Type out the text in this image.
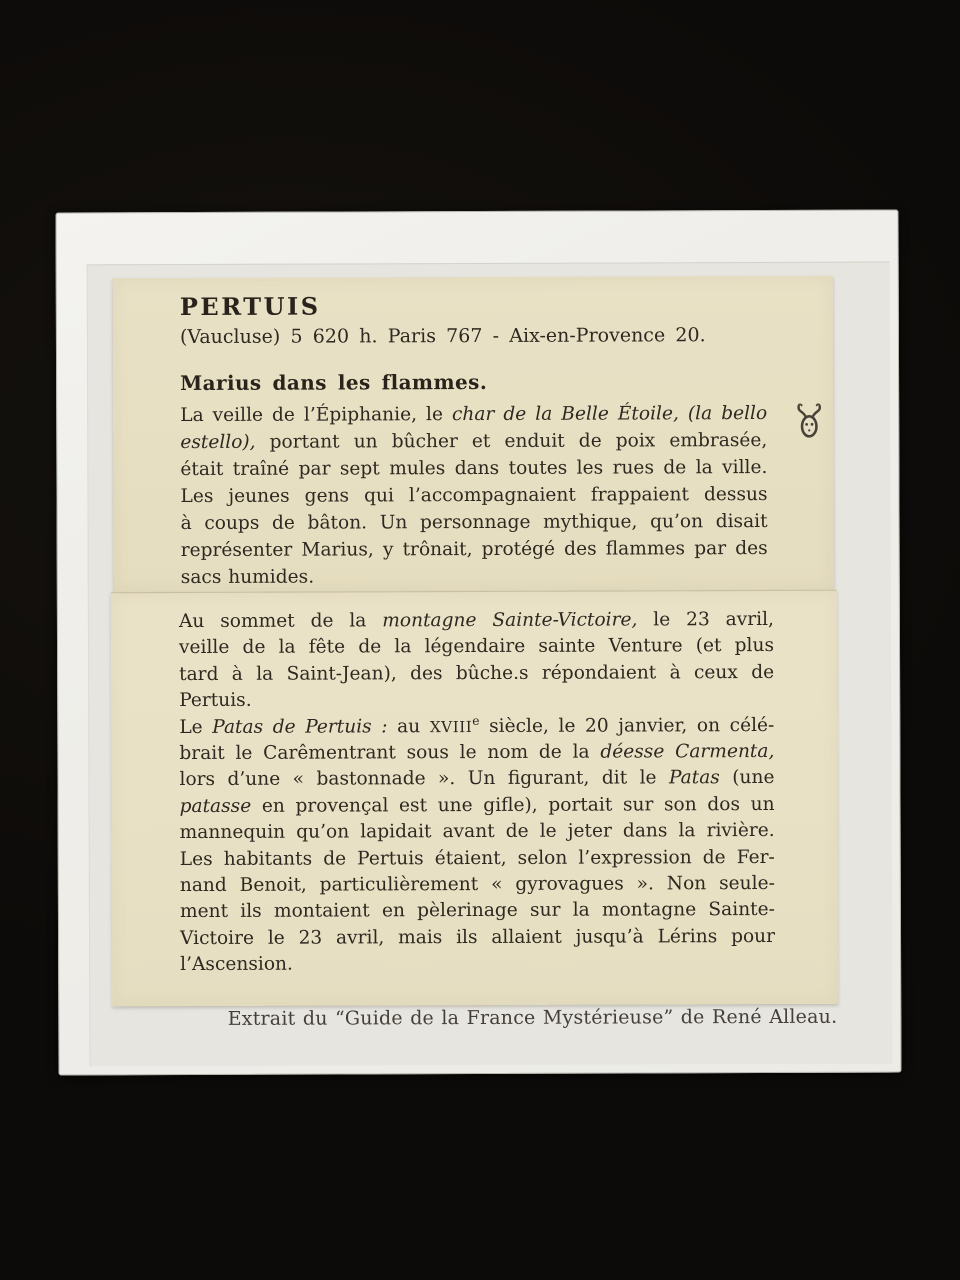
PERTUIS
(Vaucluse) 5 620 h. Paris 767 - Aix-en-Provence 20.
Marius dans les flammes.
La veille de l’Épiphanie, le char de la Belle Étoile, (la bello
estello), portant un bûcher et enduit de poix embrasée,
était traîné par sept mules dans toutes les rues de la ville.
Les jeunes gens qui l’accompagnaient frappaient dessus
à coups de bâton. Un personnage mythique, qu’on disait
représenter Marius, y trônait, protégé des flammes par des
sacs humides.
Au sommet de la montagne Sainte-Victoire, le 23 avril,
veille de la fête de la légendaire sainte Venture (et plus
tard à la Saint-Jean), des bûche.s répondaient à ceux de
Pertuis.
Le Patas de Pertuis : au XVIIIe siècle, le 20 janvier, on célé-
brait le Carêmentrant sous le nom de la déesse Carmenta,
lors d’une « bastonnade ». Un figurant, dit le Patas (une
patasse en provençal est une gifle), portait sur son dos un
mannequin qu’on lapidait avant de le jeter dans la rivière.
Les habitants de Pertuis étaient, selon l’expression de Fer-
nand Benoit, particulièrement « gyrovagues ». Non seule-
ment ils montaient en pèlerinage sur la montagne Sainte-
Victoire le 23 avril, mais ils allaient jusqu’à Lérins pour
l’Ascension.
Extrait du “Guide de la France Mystérieuse” de René Alleau.
